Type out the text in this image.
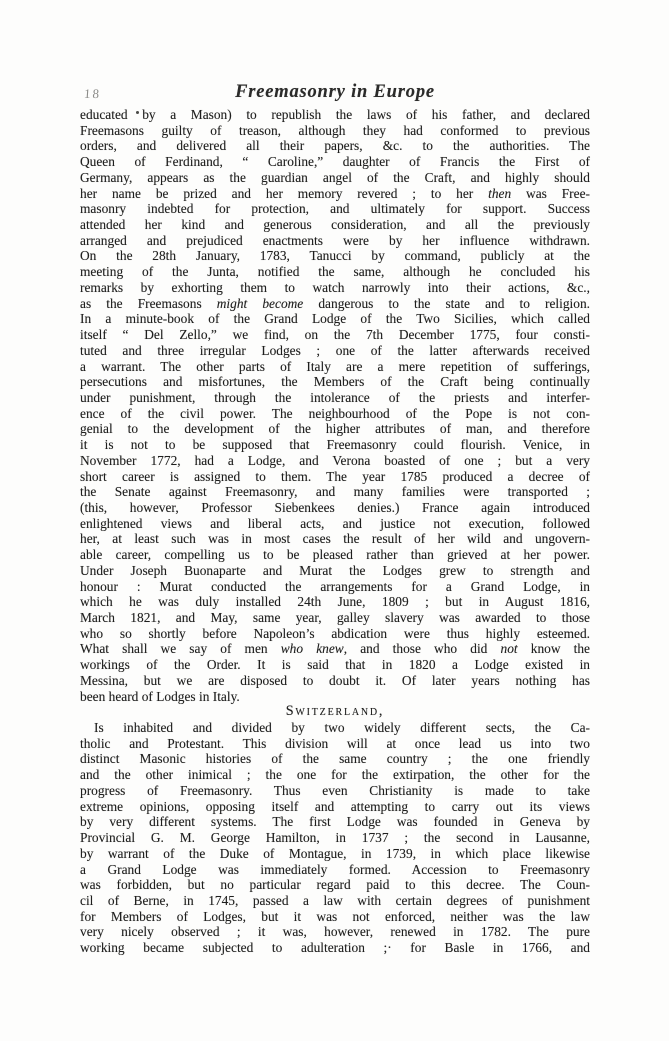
18	Freemasonry in Europe
educated by a Mason) to republish the laws of his father, and declared
Freemasons guilty of treason, although they had conformed to previous
orders, and delivered all their papers, &c. to the authorities. The
Queen of Ferdinand, “ Caroline,” daughter of Francis the First of
Germany, appears as the guardian angel of the Craft, and highly should
her name be prized and her memory revered ; to her then was Free-
masonry indebted for protection, and ultimately for support. Success
attended her kind and generous consideration, and all the previously
arranged and prejudiced enactments were by her influence withdrawn.
On the 28th January, 1783, Tanucci by command, publicly at the
meeting of the Junta, notified the same, although he concluded his
remarks by exhorting them to watch narrowly into their actions, &c.,
as the Freemasons might become dangerous to the state and to religion.
In a minute-book of the Grand Lodge of the Two Sicilies, which called
itself “ Del Zello,” we find, on the 7th December 1775, four consti-
tuted and three irregular Lodges ; one of the latter afterwards received
a warrant. The other parts of Italy are a mere repetition of sufferings,
persecutions and misfortunes, the Members of the Craft being continually
under punishment, through the intolerance of the priests and interfer-
ence of the civil power. The neighbourhood of the Pope is not con-
genial to the development of the higher attributes of man, and therefore
it is not to be supposed that Freemasonry could flourish. Venice, in
November 1772, had a Lodge, and Verona boasted of one ; but a very
short career is assigned to them. The year 1785 produced a decree of
the Senate against Freemasonry, and many families were transported ;
(this, however, Professor Siebenkees denies.) France again introduced
enlightened views and liberal acts, and justice not execution, followed
her, at least such was in most cases the result of her wild and ungovern-
able career, compelling us to be pleased rather than grieved at her power.
Under Joseph Buonaparte and Murat the Lodges grew to strength and
honour : Murat conducted the arrangements for a Grand Lodge, in
which he was duly installed 24th June, 1809 ; but in August 1816,
March 1821, and May, same year, galley slavery was awarded to those
who so shortly before Napoleon’s abdication were thus highly esteemed.
What shall we say of men who knew, and those who did not know the
workings of the Order. It is said that in 1820 a Lodge existed in
Messina, but we are disposed to doubt it. Of later years nothing has
been heard of Lodges in Italy.
Switzerland,
Is inhabited and divided by two widely different sects, the Ca-
tholic and Protestant. This division will at once lead us into two
distinct Masonic histories of the same country ; the one friendly
and the other inimical ; the one for the extirpation, the other for the
progress of Freemasonry. Thus even Christianity is made to take
extreme opinions, opposing itself and attempting to carry out its views
by very different systems. The first Lodge was founded in Geneva by
Provincial G. M. George Hamilton, in 1737 ; the second in Lausanne,
by warrant of the Duke of Montague, in 1739, in which place likewise
a Grand Lodge was immediately formed. Accession to Freemasonry
was forbidden, but no particular regard paid to this decree. The Coun-
cil of Berne, in 1745, passed a law with certain degrees of punishment
for Members of Lodges, but it was not enforced, neither was the law
very nicely observed ; it was, however, renewed in 1782. The pure
working became subjected to adulteration ;· for Basle in 1766, and
